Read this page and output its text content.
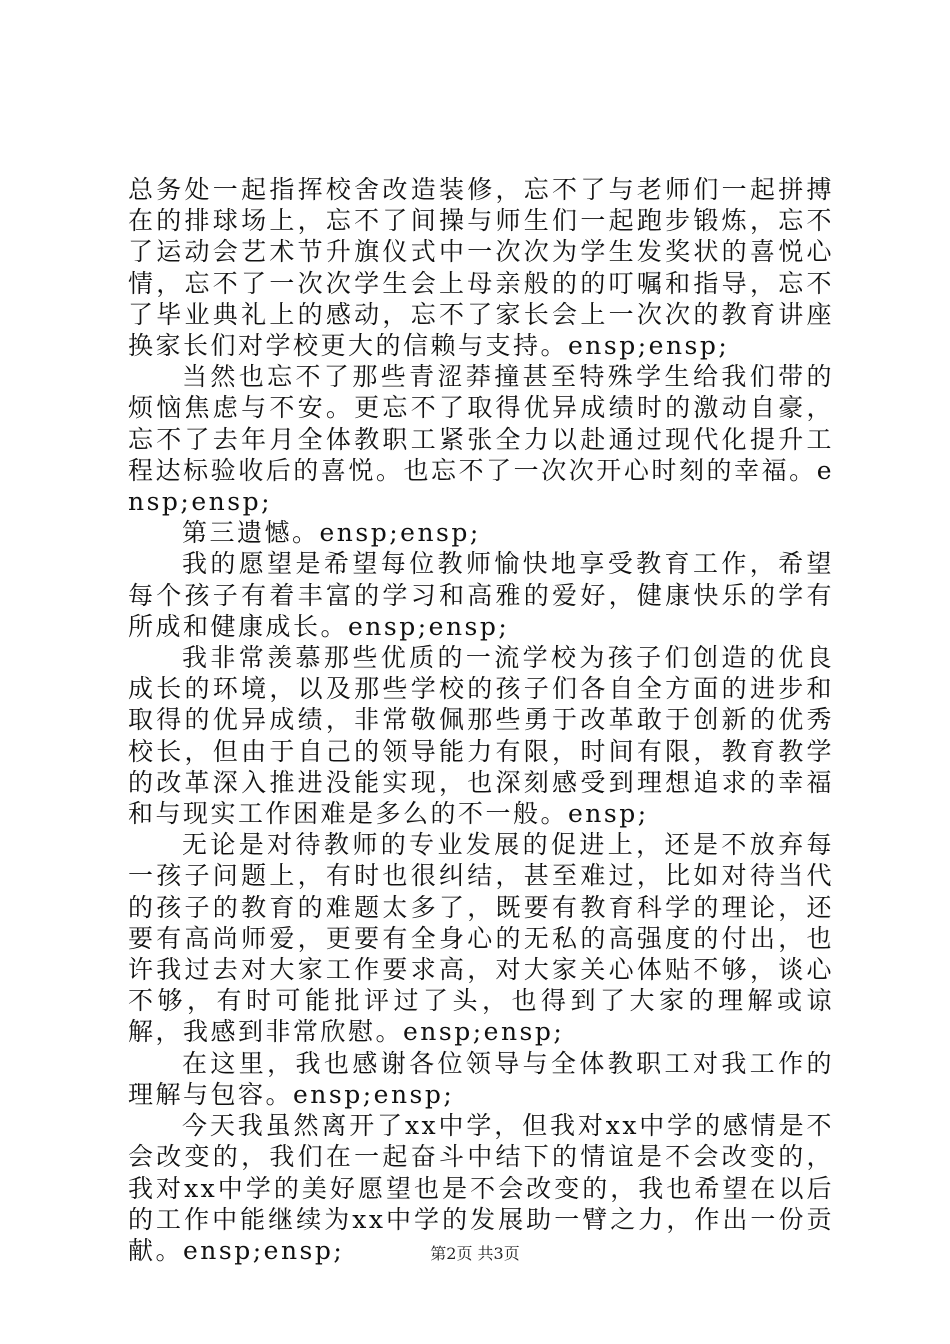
总务处一起指挥校舍改造装修，忘不了与老师们一起拼搏在的排球场上，忘不了间操与师生们一起跑步锻炼，忘不了运动会艺术节升旗仪式中一次次为学生发奖状的喜悦心情，忘不了一次次学生会上母亲般的的叮嘱和指导，忘不了毕业典礼上的感动，忘不了家长会上一次次的教育讲座换家长们对学校更大的信赖与支持。ensp;ensp;

当然也忘不了那些青涩莽撞甚至特殊学生给我们带的烦恼焦虑与不安。更忘不了取得优异成绩时的激动自豪，忘不了去年月全体教职工紧张全力以赴通过现代化提升工程达标验收后的喜悦。也忘不了一次次开心时刻的幸福。ensp;ensp;

第三遗憾。ensp;ensp;

我的愿望是希望每位教师愉快地享受教育工作，希望每个孩子有着丰富的学习和高雅的爱好，健康快乐的学有所成和健康成长。ensp;ensp;

我非常羡慕那些优质的一流学校为孩子们创造的优良成长的环境，以及那些学校的孩子们各自全方面的进步和取得的优异成绩，非常敬佩那些勇于改革敢于创新的优秀校长，但由于自己的领导能力有限，时间有限，教育教学的改革深入推进没能实现，也深刻感受到理想追求的幸福和与现实工作困难是多么的不一般。ensp;

无论是对待教师的专业发展的促进上，还是不放弃每一孩子问题上，有时也很纠结，甚至难过，比如对待当代的孩子的教育的难题太多了，既要有教育科学的理论，还要有高尚师爱，更要有全身心的无私的高强度的付出，也许我过去对大家工作要求高，对大家关心体贴不够，谈心不够，有时可能批评过了头，也得到了大家的理解或谅解，我感到非常欣慰。ensp;ensp;

在这里，我也感谢各位领导与全体教职工对我工作的理解与包容。ensp;ensp;

今天我虽然离开了xx中学，但我对xx中学的感情是不会改变的，我们在一起奋斗中结下的情谊是不会改变的，我对xx中学的美好愿望也是不会改变的，我也希望在以后的工作中能继续为xx中学的发展助一臂之力，作出一份贡献。ensp;ensp;	第2页 共3页
